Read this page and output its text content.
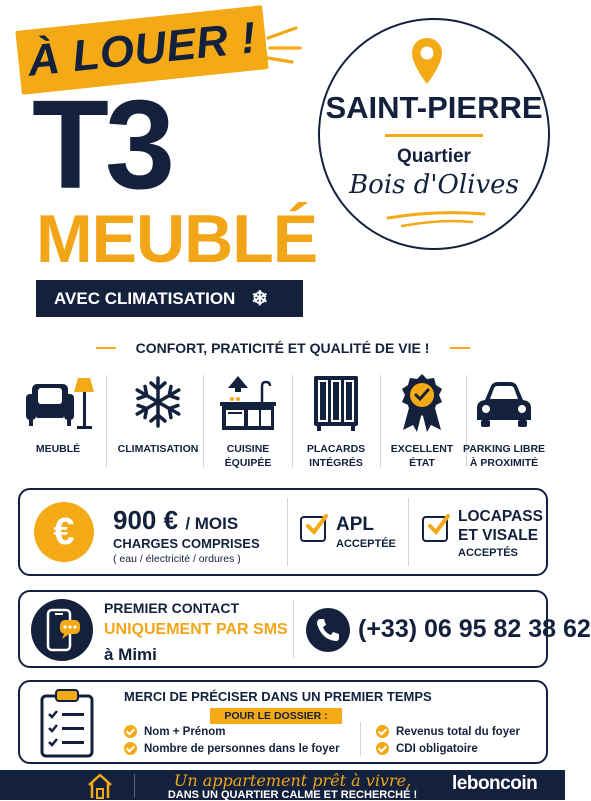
À LOUER !
T3
MEUBLÉ
AVEC CLIMATISATION ❄
SAINT-PIERRE
Quartier
Bois d'Olives
CONFORT, PRATICITÉ ET QUALITÉ DE VIE !
MEUBLÉ	CLIMATISATION	CUISINE
ÉQUIPÉE
PLACARDS
INTÉGRÉS
EXCELLENT
ÉTAT
PARKING LIBRE
À PROXIMITÉ
€ 900 € / MOIS
CHARGES COMPRISES
( eau / électricité / ordures )
APL
ACCEPTÉE
LOCAPASS
ET VISALE
ACCEPTÉS
PREMIER CONTACT
UNIQUEMENT PAR SMS
à Mimi
(+33) 06 95 82 38 62
MERCI DE PRÉCISER DANS UN PREMIER TEMPS
POUR LE DOSSIER :
Nom + Prénom
Nombre de personnes dans le foyer
Revenus total du foyer
CDI obligatoire
Un appartement prêt à vivre,
DANS UN QUARTIER CALME ET RECHERCHÉ !
leboncoin
